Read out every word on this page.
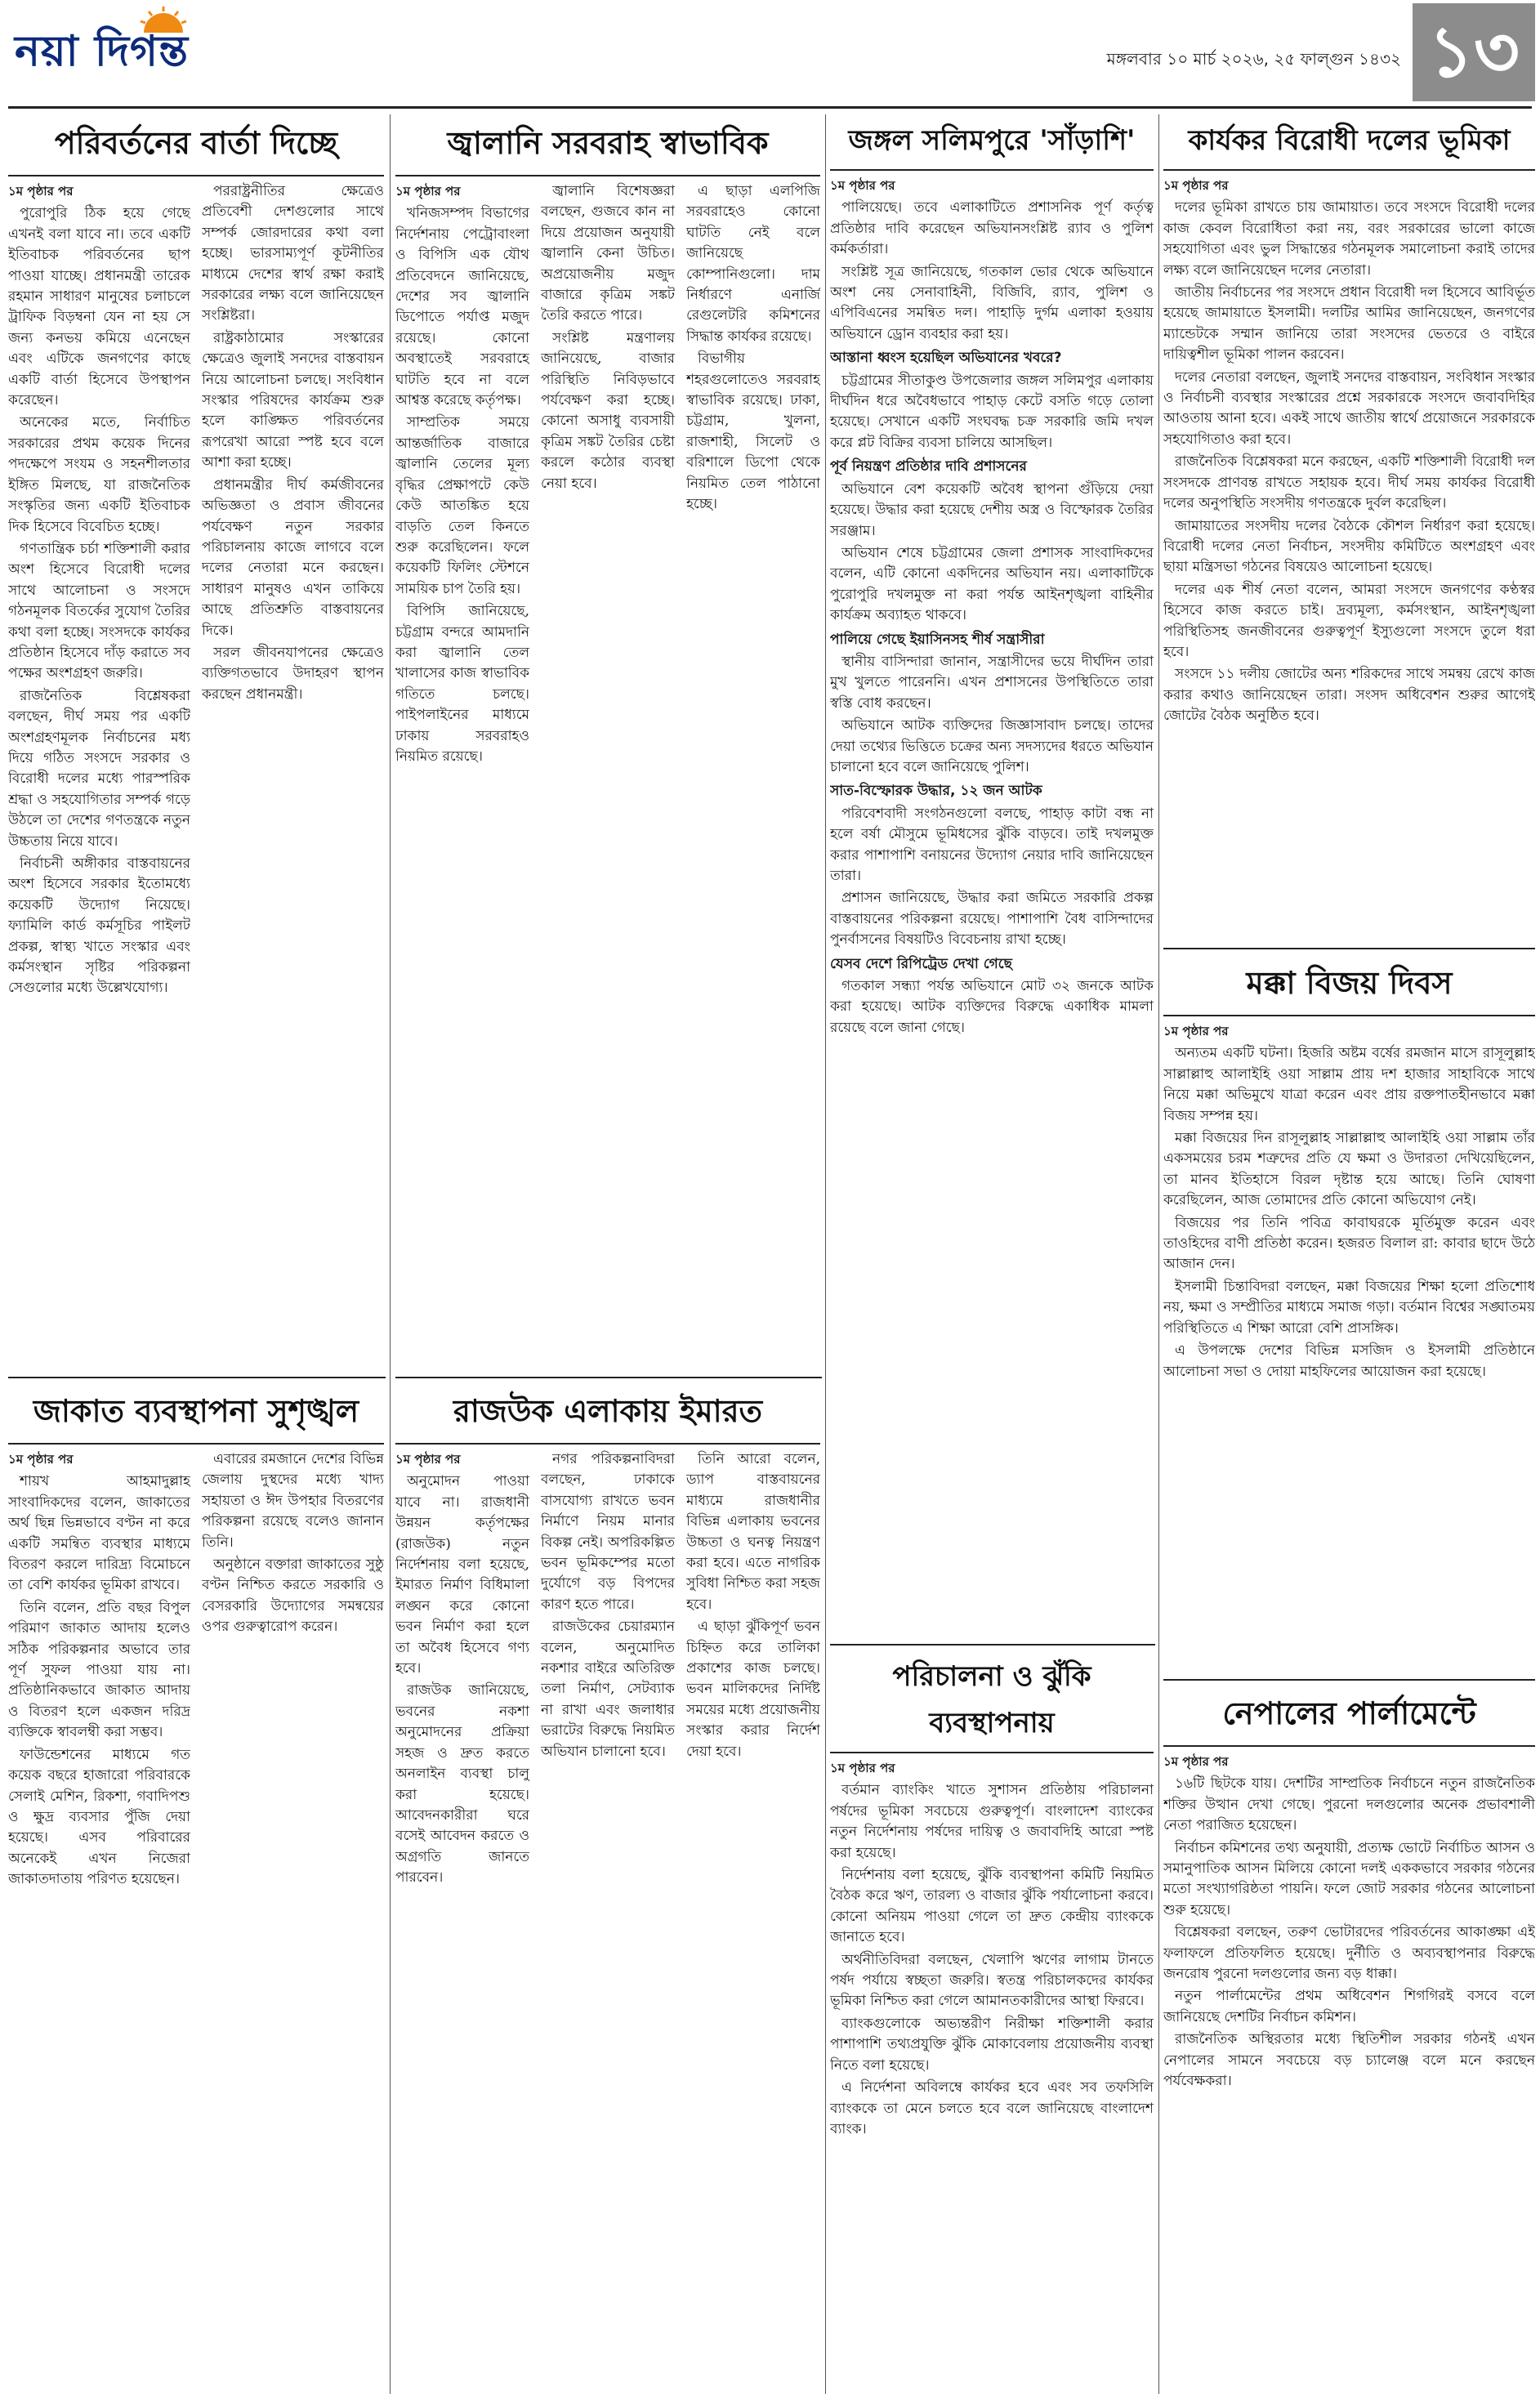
নয়া দিগন্ত	মঙ্গলবার ১০ মার্চ ২০২৬, ২৫ ফাল্গুন ১৪৩২ ১৩
পরিবর্তনের বার্তা দিচ্ছে
১ম পৃষ্ঠার পর

পুরোপুরি ঠিক হয়ে গেছে এখনই বলা যাবে না। তবে একটি ইতিবাচক পরিবর্তনের ছাপ পাওয়া যাচ্ছে। প্রধানমন্ত্রী তারেক রহমান সাধারণ মানুষের চলাচলে ট্রাফিক বিড়ম্বনা যেন না হয় সে জন্য কনভয় কমিয়ে এনেছেন এবং এটিকে জনগণের কাছে একটি বার্তা হিসেবে উপস্থাপন করেছেন।

অনেকের মতে, নির্বাচিত সরকারের প্রথম কয়েক দিনের পদক্ষেপে সংযম ও সহনশীলতার ইঙ্গিত মিলছে, যা রাজনৈতিক সংস্কৃতির জন্য একটি ইতিবাচক দিক হিসেবে বিবেচিত হচ্ছে।

গণতান্ত্রিক চর্চা শক্তিশালী করার অংশ হিসেবে বিরোধী দলের সাথে আলোচনা ও সংসদে গঠনমূলক বিতর্কের সুযোগ তৈরির কথা বলা হচ্ছে। সংসদকে কার্যকর প্রতিষ্ঠান হিসেবে দাঁড় করাতে সব পক্ষের অংশগ্রহণ জরুরি।

রাজনৈতিক বিশ্লেষকরা বলছেন, দীর্ঘ সময় পর একটি অংশগ্রহণমূলক নির্বাচনের মধ্য দিয়ে গঠিত সংসদে সরকার ও বিরোধী দলের মধ্যে পারস্পরিক শ্রদ্ধা ও সহযোগিতার সম্পর্ক গড়ে উঠলে তা দেশের গণতন্ত্রকে নতুন উচ্চতায় নিয়ে যাবে।

নির্বাচনী অঙ্গীকার বাস্তবায়নের অংশ হিসেবে সরকার ইতোমধ্যে কয়েকটি উদ্যোগ নিয়েছে। ফ্যামিলি কার্ড কর্মসূচির পাইলট প্রকল্প, স্বাস্থ্য খাতে সংস্কার এবং কর্মসংস্থান সৃষ্টির পরিকল্পনা সেগুলোর মধ্যে উল্লেখযোগ্য।

পররাষ্ট্রনীতির ক্ষেত্রেও প্রতিবেশী দেশগুলোর সাথে সম্পর্ক জোরদারের কথা বলা হচ্ছে। ভারসাম্যপূর্ণ কূটনীতির মাধ্যমে দেশের স্বার্থ রক্ষা করাই সরকারের লক্ষ্য বলে জানিয়েছেন সংশ্লিষ্টরা।

রাষ্ট্রকাঠামোর সংস্কারের ক্ষেত্রেও জুলাই সনদের বাস্তবায়ন নিয়ে আলোচনা চলছে। সংবিধান সংস্কার পরিষদের কার্যক্রম শুরু হলে কাঙ্ক্ষিত পরিবর্তনের রূপরেখা আরো স্পষ্ট হবে বলে আশা করা হচ্ছে।

প্রধানমন্ত্রীর দীর্ঘ কর্মজীবনের অভিজ্ঞতা ও প্রবাস জীবনের পর্যবেক্ষণ নতুন সরকার পরিচালনায় কাজে লাগবে বলে দলের নেতারা মনে করছেন। সাধারণ মানুষও এখন তাকিয়ে আছে প্রতিশ্রুতি বাস্তবায়নের দিকে।

সরল জীবনযাপনের ক্ষেত্রেও ব্যক্তিগতভাবে উদাহরণ স্থাপন করছেন প্রধানমন্ত্রী।

জাকাত ব্যবস্থাপনা সুশৃঙ্খল
১ম পৃষ্ঠার পর

শায়খ আহমাদুল্লাহ সাংবাদিকদের বলেন, জাকাতের অর্থ ছিন্ন ভিন্নভাবে বণ্টন না করে একটি সমন্বিত ব্যবস্থার মাধ্যমে বিতরণ করলে দারিদ্র্য বিমোচনে তা বেশি কার্যকর ভূমিকা রাখবে।

তিনি বলেন, প্রতি বছর বিপুল পরিমাণ জাকাত আদায় হলেও সঠিক পরিকল্পনার অভাবে তার পূর্ণ সুফল পাওয়া যায় না। প্রতিষ্ঠানিকভাবে জাকাত আদায় ও বিতরণ হলে একজন দরিদ্র ব্যক্তিকে স্বাবলম্বী করা সম্ভব।

ফাউন্ডেশনের মাধ্যমে গত কয়েক বছরে হাজারো পরিবারকে সেলাই মেশিন, রিকশা, গবাদিপশু ও ক্ষুদ্র ব্যবসার পুঁজি দেয়া হয়েছে। এসব পরিবারের অনেকেই এখন নিজেরা জাকাতদাতায় পরিণত হয়েছেন।

এবারের রমজানে দেশের বিভিন্ন জেলায় দুস্থদের মধ্যে খাদ্য সহায়তা ও ঈদ উপহার বিতরণের পরিকল্পনা রয়েছে বলেও জানান তিনি।

অনুষ্ঠানে বক্তারা জাকাতের সুষ্ঠু বণ্টন নিশ্চিত করতে সরকারি ও বেসরকারি উদ্যোগের সমন্বয়ের ওপর গুরুত্বারোপ করেন।

জ্বালানি সরবরাহ স্বাভাবিক
১ম পৃষ্ঠার পর

খনিজসম্পদ বিভাগের নির্দেশনায় পেট্রোবাংলা ও বিপিসি এক যৌথ প্রতিবেদনে জানিয়েছে, দেশের সব জ্বালানি ডিপোতে পর্যাপ্ত মজুদ রয়েছে। কোনো অবস্থাতেই সরবরাহে ঘাটতি হবে না বলে আশ্বস্ত করেছে কর্তৃপক্ষ।

সাম্প্রতিক সময়ে আন্তর্জাতিক বাজারে জ্বালানি তেলের মূল্য বৃদ্ধির প্রেক্ষাপটে কেউ কেউ আতঙ্কিত হয়ে বাড়তি তেল কিনতে শুরু করেছিলেন। ফলে কয়েকটি ফিলিং স্টেশনে সাময়িক চাপ তৈরি হয়।

বিপিসি জানিয়েছে, চট্টগ্রাম বন্দরে আমদানি করা জ্বালানি তেল খালাসের কাজ স্বাভাবিক গতিতে চলছে। পাইপলাইনের মাধ্যমে ঢাকায় সরবরাহও নিয়মিত রয়েছে।

জ্বালানি বিশেষজ্ঞরা বলছেন, গুজবে কান না দিয়ে প্রয়োজন অনুযায়ী জ্বালানি কেনা উচিত। অপ্রয়োজনীয় মজুদ বাজারে কৃত্রিম সঙ্কট তৈরি করতে পারে।

সংশ্লিষ্ট মন্ত্রণালয় জানিয়েছে, বাজার পরিস্থিতি নিবিড়ভাবে পর্যবেক্ষণ করা হচ্ছে। কোনো অসাধু ব্যবসায়ী কৃত্রিম সঙ্কট তৈরির চেষ্টা করলে কঠোর ব্যবস্থা নেয়া হবে।

এ ছাড়া এলপিজি সরবরাহেও কোনো ঘাটতি নেই বলে জানিয়েছে কোম্পানিগুলো। দাম নির্ধারণে এনার্জি রেগুলেটরি কমিশনের সিদ্ধান্ত কার্যকর রয়েছে।

বিভাগীয় শহরগুলোতেও সরবরাহ স্বাভাবিক রয়েছে। ঢাকা, চট্টগ্রাম, খুলনা, রাজশাহী, সিলেট ও বরিশালে ডিপো থেকে নিয়মিত তেল পাঠানো হচ্ছে।

রাজউক এলাকায় ইমারত
১ম পৃষ্ঠার পর

অনুমোদন পাওয়া যাবে না। রাজধানী উন্নয়ন কর্তৃপক্ষের (রাজউক) নতুন নির্দেশনায় বলা হয়েছে, ইমারত নির্মাণ বিধিমালা লঙ্ঘন করে কোনো ভবন নির্মাণ করা হলে তা অবৈধ হিসেবে গণ্য হবে।

রাজউক জানিয়েছে, ভবনের নকশা অনুমোদনের প্রক্রিয়া সহজ ও দ্রুত করতে অনলাইন ব্যবস্থা চালু করা হয়েছে। আবেদনকারীরা ঘরে বসেই আবেদন করতে ও অগ্রগতি জানতে পারবেন।

নগর পরিকল্পনাবিদরা বলছেন, ঢাকাকে বাসযোগ্য রাখতে ভবন নির্মাণে নিয়ম মানার বিকল্প নেই। অপরিকল্পিত ভবন ভূমিকম্পের মতো দুর্যোগে বড় বিপদের কারণ হতে পারে।

রাজউকের চেয়ারম্যান বলেন, অনুমোদিত নকশার বাইরে অতিরিক্ত তলা নির্মাণ, সেটব্যাক না রাখা এবং জলাধার ভরাটের বিরুদ্ধে নিয়মিত অভিযান চালানো হবে।

তিনি আরো বলেন, ড্যাপ বাস্তবায়নের মাধ্যমে রাজধানীর বিভিন্ন এলাকায় ভবনের উচ্চতা ও ঘনত্ব নিয়ন্ত্রণ করা হবে। এতে নাগরিক সুবিধা নিশ্চিত করা সহজ হবে।

এ ছাড়া ঝুঁকিপূর্ণ ভবন চিহ্নিত করে তালিকা প্রকাশের কাজ চলছে। ভবন মালিকদের নির্দিষ্ট সময়ের মধ্যে প্রয়োজনীয় সংস্কার করার নির্দেশ দেয়া হবে।

জঙ্গল সলিমপুরে 'সাঁড়াশি'
১ম পৃষ্ঠার পর

পালিয়েছে। তবে এলাকাটিতে প্রশাসনিক পূর্ণ কর্তৃত্ব প্রতিষ্ঠার দাবি করেছেন অভিযানসংশ্লিষ্ট র‍্যাব ও পুলিশ কর্মকর্তারা।

সংশ্লিষ্ট সূত্র জানিয়েছে, গতকাল ভোর থেকে অভিযানে অংশ নেয় সেনাবাহিনী, বিজিবি, র‍্যাব, পুলিশ ও এপিবিএনের সমন্বিত দল। পাহাড়ি দুর্গম এলাকা হওয়ায় অভিযানে ড্রোন ব্যবহার করা হয়।

আস্তানা ধ্বংস হয়েছিল অভিযানের খবরে?

চট্টগ্রামের সীতাকুণ্ড উপজেলার জঙ্গল সলিমপুর এলাকায় দীর্ঘদিন ধরে অবৈধভাবে পাহাড় কেটে বসতি গড়ে তোলা হয়েছে। সেখানে একটি সংঘবদ্ধ চক্র সরকারি জমি দখল করে প্লট বিক্রির ব্যবসা চালিয়ে আসছিল।

পূর্ব নিয়ন্ত্রণ প্রতিষ্ঠার দাবি প্রশাসনের

অভিযানে বেশ কয়েকটি অবৈধ স্থাপনা গুঁড়িয়ে দেয়া হয়েছে। উদ্ধার করা হয়েছে দেশীয় অস্ত্র ও বিস্ফোরক তৈরির সরঞ্জাম।

অভিযান শেষে চট্টগ্রামের জেলা প্রশাসক সাংবাদিকদের বলেন, এটি কোনো একদিনের অভিযান নয়। এলাকাটিকে পুরোপুরি দখলমুক্ত না করা পর্যন্ত আইনশৃঙ্খলা বাহিনীর কার্যক্রম অব্যাহত থাকবে।

পালিয়ে গেছে ইয়াসিনসহ শীর্ষ সন্ত্রাসীরা

স্থানীয় বাসিন্দারা জানান, সন্ত্রাসীদের ভয়ে দীর্ঘদিন তারা মুখ খুলতে পারেননি। এখন প্রশাসনের উপস্থিতিতে তারা স্বস্তি বোধ করছেন।

অভিযানে আটক ব্যক্তিদের জিজ্ঞাসাবাদ চলছে। তাদের দেয়া তথ্যের ভিত্তিতে চক্রের অন্য সদস্যদের ধরতে অভিযান চালানো হবে বলে জানিয়েছে পুলিশ।

সাত-বিস্ফোরক উদ্ধার, ১২ জন আটক

পরিবেশবাদী সংগঠনগুলো বলছে, পাহাড় কাটা বন্ধ না হলে বর্ষা মৌসুমে ভূমিধসের ঝুঁকি বাড়বে। তাই দখলমুক্ত করার পাশাপাশি বনায়নের উদ্যোগ নেয়ার দাবি জানিয়েছেন তারা।

প্রশাসন জানিয়েছে, উদ্ধার করা জমিতে সরকারি প্রকল্প বাস্তবায়নের পরিকল্পনা রয়েছে। পাশাপাশি বৈধ বাসিন্দাদের পুনর্বাসনের বিষয়টিও বিবেচনায় রাখা হচ্ছে।

যেসব দেশে রিপিট্রেড দেখা গেছে

গতকাল সন্ধ্যা পর্যন্ত অভিযানে মোট ৩২ জনকে আটক করা হয়েছে। আটক ব্যক্তিদের বিরুদ্ধে একাধিক মামলা রয়েছে বলে জানা গেছে।

পরিচালনা ও ঝুঁকি ব্যবস্থাপনায়
১ম পৃষ্ঠার পর

বর্তমান ব্যাংকিং খাতে সুশাসন প্রতিষ্ঠায় পরিচালনা পর্ষদের ভূমিকা সবচেয়ে গুরুত্বপূর্ণ। বাংলাদেশ ব্যাংকের নতুন নির্দেশনায় পর্ষদের দায়িত্ব ও জবাবদিহি আরো স্পষ্ট করা হয়েছে।

নির্দেশনায় বলা হয়েছে, ঝুঁকি ব্যবস্থাপনা কমিটি নিয়মিত বৈঠক করে ঋণ, তারল্য ও বাজার ঝুঁকি পর্যালোচনা করবে। কোনো অনিয়ম পাওয়া গেলে তা দ্রুত কেন্দ্রীয় ব্যাংককে জানাতে হবে।

অর্থনীতিবিদরা বলছেন, খেলাপি ঋণের লাগাম টানতে পর্ষদ পর্যায়ে স্বচ্ছতা জরুরি। স্বতন্ত্র পরিচালকদের কার্যকর ভূমিকা নিশ্চিত করা গেলে আমানতকারীদের আস্থা ফিরবে।

ব্যাংকগুলোকে অভ্যন্তরীণ নিরীক্ষা শক্তিশালী করার পাশাপাশি তথ্যপ্রযুক্তি ঝুঁকি মোকাবেলায় প্রয়োজনীয় ব্যবস্থা নিতে বলা হয়েছে।

এ নির্দেশনা অবিলম্বে কার্যকর হবে এবং সব তফসিলি ব্যাংককে তা মেনে চলতে হবে বলে জানিয়েছে বাংলাদেশ ব্যাংক।

কার্যকর বিরোধী দলের ভূমিকা
১ম পৃষ্ঠার পর

দলের ভূমিকা রাখতে চায় জামায়াত। তবে সংসদে বিরোধী দলের কাজ কেবল বিরোধিতা করা নয়, বরং সরকারের ভালো কাজে সহযোগিতা এবং ভুল সিদ্ধান্তের গঠনমূলক সমালোচনা করাই তাদের লক্ষ্য বলে জানিয়েছেন দলের নেতারা।

জাতীয় নির্বাচনের পর সংসদে প্রধান বিরোধী দল হিসেবে আবির্ভূত হয়েছে জামায়াতে ইসলামী। দলটির আমির জানিয়েছেন, জনগণের ম্যান্ডেটকে সম্মান জানিয়ে তারা সংসদের ভেতরে ও বাইরে দায়িত্বশীল ভূমিকা পালন করবেন।

দলের নেতারা বলছেন, জুলাই সনদের বাস্তবায়ন, সংবিধান সংস্কার ও নির্বাচনী ব্যবস্থার সংস্কারের প্রশ্নে সরকারকে সংসদে জবাবদিহির আওতায় আনা হবে। একই সাথে জাতীয় স্বার্থে প্রয়োজনে সরকারকে সহযোগিতাও করা হবে।

রাজনৈতিক বিশ্লেষকরা মনে করছেন, একটি শক্তিশালী বিরোধী দল সংসদকে প্রাণবন্ত রাখতে সহায়ক হবে। দীর্ঘ সময় কার্যকর বিরোধী দলের অনুপস্থিতি সংসদীয় গণতন্ত্রকে দুর্বল করেছিল।

জামায়াতের সংসদীয় দলের বৈঠকে কৌশল নির্ধারণ করা হয়েছে। বিরোধী দলের নেতা নির্বাচন, সংসদীয় কমিটিতে অংশগ্রহণ এবং ছায়া মন্ত্রিসভা গঠনের বিষয়েও আলোচনা হয়েছে।

দলের এক শীর্ষ নেতা বলেন, আমরা সংসদে জনগণের কণ্ঠস্বর হিসেবে কাজ করতে চাই। দ্রব্যমূল্য, কর্মসংস্থান, আইনশৃঙ্খলা পরিস্থিতিসহ জনজীবনের গুরুত্বপূর্ণ ইস্যুগুলো সংসদে তুলে ধরা হবে।

সংসদে ১১ দলীয় জোটের অন্য শরিকদের সাথে সমন্বয় রেখে কাজ করার কথাও জানিয়েছেন তারা। সংসদ অধিবেশন শুরুর আগেই জোটের বৈঠক অনুষ্ঠিত হবে।

মক্কা বিজয় দিবস
১ম পৃষ্ঠার পর

অন্যতম একটি ঘটনা। হিজরি অষ্টম বর্ষের রমজান মাসে রাসূলুল্লাহ সাল্লাল্লাহু আলাইহি ওয়া সাল্লাম প্রায় দশ হাজার সাহাবিকে সাথে নিয়ে মক্কা অভিমুখে যাত্রা করেন এবং প্রায় রক্তপাতহীনভাবে মক্কা বিজয় সম্পন্ন হয়।

মক্কা বিজয়ের দিন রাসূলুল্লাহ সাল্লাল্লাহু আলাইহি ওয়া সাল্লাম তাঁর একসময়ের চরম শত্রুদের প্রতি যে ক্ষমা ও উদারতা দেখিয়েছিলেন, তা মানব ইতিহাসে বিরল দৃষ্টান্ত হয়ে আছে। তিনি ঘোষণা করেছিলেন, আজ তোমাদের প্রতি কোনো অভিযোগ নেই।

বিজয়ের পর তিনি পবিত্র কাবাঘরকে মূর্তিমুক্ত করেন এবং তাওহিদের বাণী প্রতিষ্ঠা করেন। হজরত বিলাল রা: কাবার ছাদে উঠে আজান দেন।

ইসলামী চিন্তাবিদরা বলছেন, মক্কা বিজয়ের শিক্ষা হলো প্রতিশোধ নয়, ক্ষমা ও সম্প্রীতির মাধ্যমে সমাজ গড়া। বর্তমান বিশ্বের সঙ্ঘাতময় পরিস্থিতিতে এ শিক্ষা আরো বেশি প্রাসঙ্গিক।

এ উপলক্ষে দেশের বিভিন্ন মসজিদ ও ইসলামী প্রতিষ্ঠানে আলোচনা সভা ও দোয়া মাহফিলের আয়োজন করা হয়েছে।

নেপালের পার্লামেন্টে
১ম পৃষ্ঠার পর

১৬টি ছিটকে যায়। দেশটির সাম্প্রতিক নির্বাচনে নতুন রাজনৈতিক শক্তির উত্থান দেখা গেছে। পুরনো দলগুলোর অনেক প্রভাবশালী নেতা পরাজিত হয়েছেন।

নির্বাচন কমিশনের তথ্য অনুযায়ী, প্রত্যক্ষ ভোটে নির্বাচিত আসন ও সমানুপাতিক আসন মিলিয়ে কোনো দলই এককভাবে সরকার গঠনের মতো সংখ্যাগরিষ্ঠতা পায়নি। ফলে জোট সরকার গঠনের আলোচনা শুরু হয়েছে।

বিশ্লেষকরা বলছেন, তরুণ ভোটারদের পরিবর্তনের আকাঙ্ক্ষা এই ফলাফলে প্রতিফলিত হয়েছে। দুর্নীতি ও অব্যবস্থাপনার বিরুদ্ধে জনরোষ পুরনো দলগুলোর জন্য বড় ধাক্কা।

নতুন পার্লামেন্টের প্রথম অধিবেশন শিগগিরই বসবে বলে জানিয়েছে দেশটির নির্বাচন কমিশন।

রাজনৈতিক অস্থিরতার মধ্যে স্থিতিশীল সরকার গঠনই এখন নেপালের সামনে সবচেয়ে বড় চ্যালেঞ্জ বলে মনে করছেন পর্যবেক্ষকরা।
